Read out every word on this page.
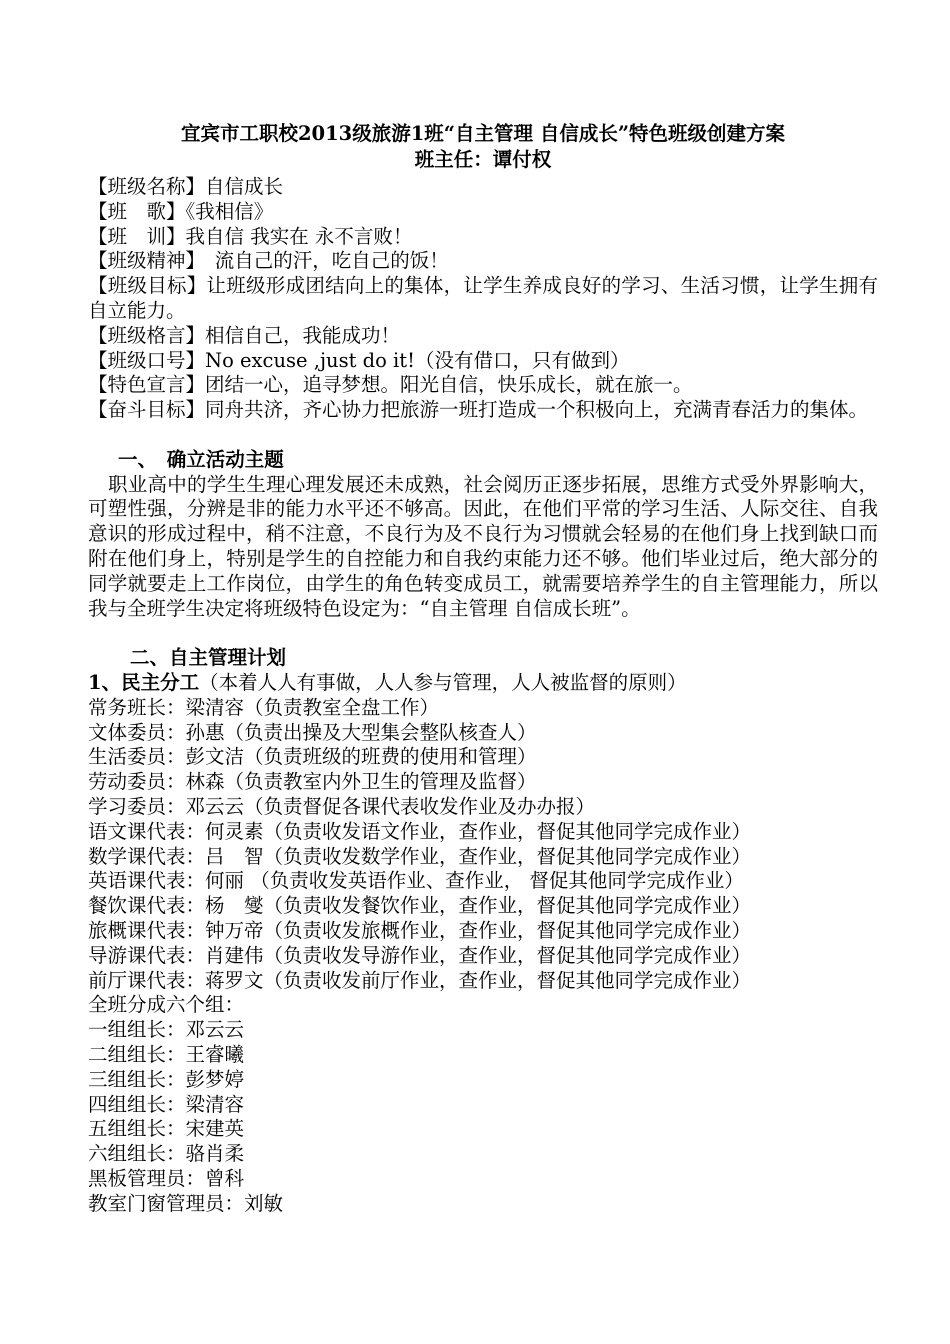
宜宾市工职校2013级旅游1班“自主管理 自信成长”特色班级创建方案
班主任：谭付权
【班级名称】自信成长
【班　歌】《我相信》
【班　训】我自信 我实在 永不言败！
【班级精神】　流自己的汗，吃自己的饭！
【班级目标】让班级形成团结向上的集体，让学生养成良好的学习、生活习惯，让学生拥有自立能力。
【班级格言】相信自己，我能成功！
【班级口号】No excuse ,just do it!（没有借口，只有做到）
【特色宣言】团结一心，追寻梦想。阳光自信，快乐成长，就在旅一。
【奋斗目标】同舟共济，齐心协力把旅游一班打造成一个积极向上，充满青春活力的集体。
一、　确立活动主题
职业高中的学生生理心理发展还未成熟，社会阅历正逐步拓展，思维方式受外界影响大，可塑性强，分辨是非的能力水平还不够高。因此，在他们平常的学习生活、人际交往、自我意识的形成过程中，稍不注意，不良行为及不良行为习惯就会轻易的在他们身上找到缺口而附在他们身上，特别是学生的自控能力和自我约束能力还不够。他们毕业过后，绝大部分的同学就要走上工作岗位，由学生的角色转变成员工，就需要培养学生的自主管理能力，所以我与全班学生决定将班级特色设定为：“自主管理 自信成长班”。
二、自主管理计划
1、民主分工（本着人人有事做，人人参与管理，人人被监督的原则）
常务班长：梁清容（负责教室全盘工作）
文体委员：孙惠（负责出操及大型集会整队核查人）
生活委员：彭文洁（负责班级的班费的使用和管理）
劳动委员：林森（负责教室内外卫生的管理及监督）
学习委员：邓云云（负责督促各课代表收发作业及办办报）
语文课代表：何灵素（负责收发语文作业，查作业，督促其他同学完成作业）
数学课代表：吕　智（负责收发数学作业，查作业，督促其他同学完成作业）
英语课代表：何丽 （负责收发英语作业、查作业， 督促其他同学完成作业）
餐饮课代表：杨　燮（负责收发餐饮作业，查作业，督促其他同学完成作业）
旅概课代表：钟万帝（负责收发旅概作业，查作业，督促其他同学完成作业）
导游课代表：肖建伟（负责收发导游作业，查作业，督促其他同学完成作业）
前厅课代表：蒋罗文（负责收发前厅作业，查作业，督促其他同学完成作业）
全班分成六个组：
一组组长：邓云云
二组组长：王睿曦
三组组长：彭梦婷
四组组长：梁清容
五组组长：宋建英
六组组长：骆肖柔
黑板管理员：曾科
教室门窗管理员：刘敏
